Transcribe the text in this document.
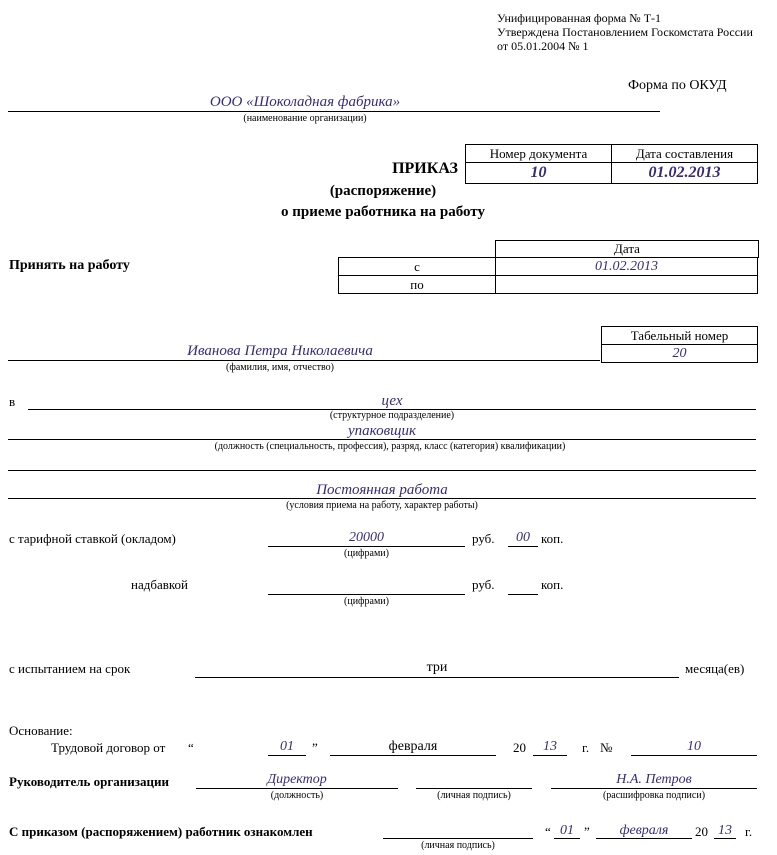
Унифицированная форма № Т-1
Утверждена Постановлением Госкомстата России
от 05.01.2004 № 1
Форма по ОКУД
ООО «Шоколадная фабрика»
(наименование организации)
Номер документа	Дата составления
10	01.02.2013
ПРИКАЗ
(распоряжение)
о приеме работника на работу
Принять на работу
Дата
с	01.02.2013
по	
Табельный номер
20
Иванова Петра Николаевича
(фамилия, имя, отчество)
в	цех
(структурное подразделение)
упаковщик
(должность (специальность, профессия), разряд, класс (категория) квалификации)
Постоянная работа
(условия приема на работу, характер работы)
с тарифной ставкой (окладом)	20000
(цифрами)
руб.	00 коп.
надбавкой
(цифрами)
руб.	коп.
с испытанием на срок	три	месяца(ев)
Основание:
Трудовой договор от “	01	”	февраля	20	13	г. №	10
Руководитель организации	Директор
(должность)	(личная подпись)
Н.А. Петров
(расшифровка подписи)
С приказом (распоряжением) работник ознакомлен
(личная подпись)
“ 01 ”	февраля	20 13	г.
